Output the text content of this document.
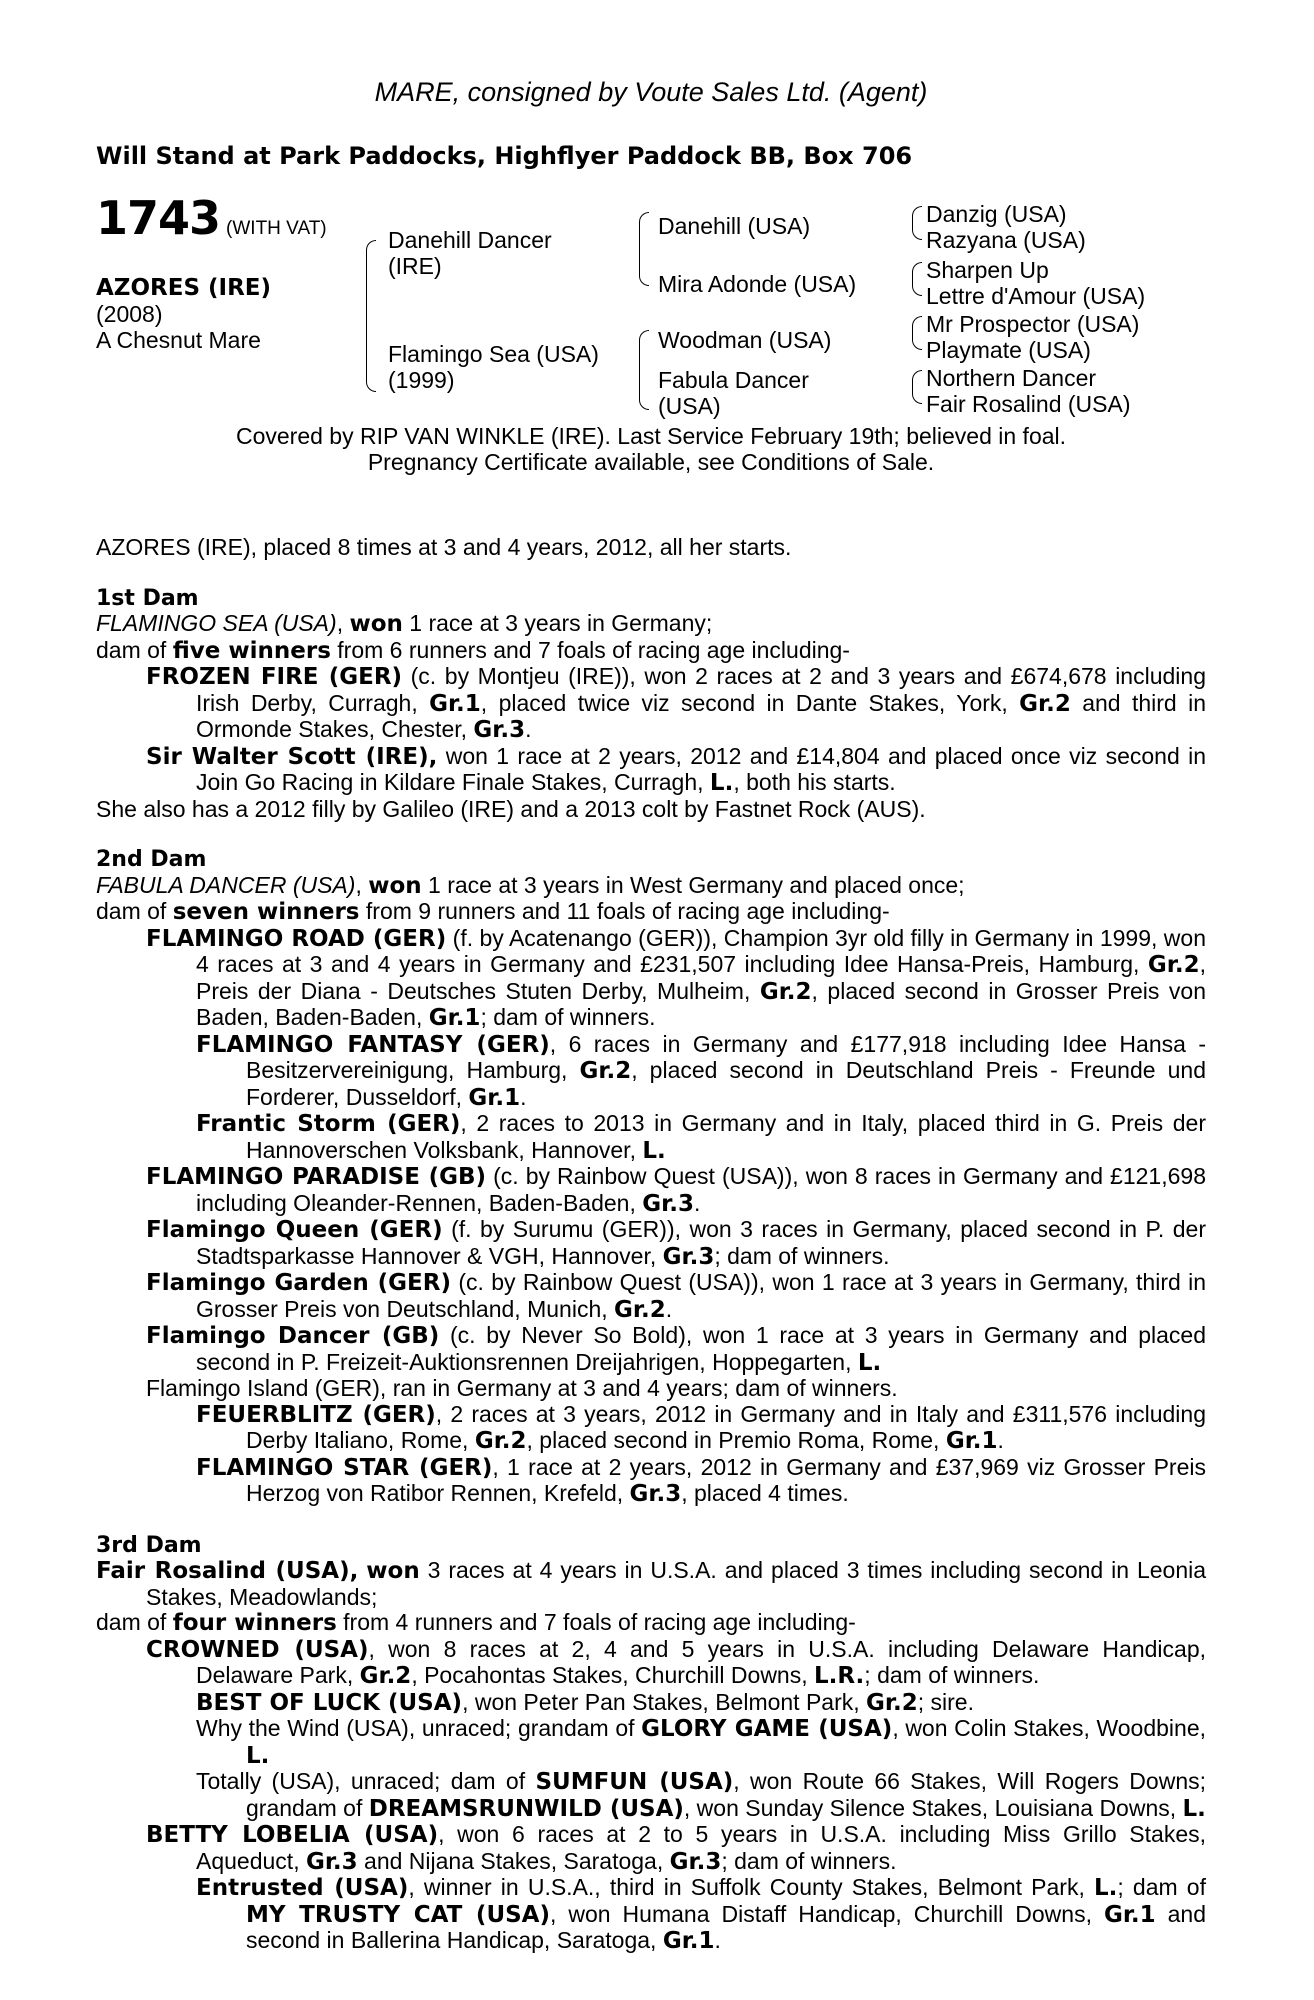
MARE, consigned by Voute Sales Ltd. (Agent)
Will Stand at Park Paddocks, Highflyer Paddock BB, Box 706
1743 (WITH VAT)
AZORES (IRE)
(2008)
A Chesnut Mare
Danehill Dancer
(IRE)
Flamingo Sea (USA)
(1999)
Danehill (USA)
Mira Adonde (USA)
Woodman (USA)
Fabula Dancer
(USA)
Danzig (USA)
Razyana (USA)
Sharpen Up
Lettre d'Amour (USA)
Mr Prospector (USA)
Playmate (USA)
Northern Dancer
Fair Rosalind (USA)
Covered by RIP VAN WINKLE (IRE). Last Service February 19th; believed in foal.
Pregnancy Certificate available, see Conditions of Sale.

AZORES (IRE), placed 8 times at 3 and 4 years, 2012, all her starts.

1st Dam

FLAMINGO SEA (USA), won 1 race at 3 years in Germany;

dam of five winners from 6 runners and 7 foals of racing age including-

FROZEN FIRE (GER) (c. by Montjeu (IRE)), won 2 races at 2 and 3 years and £674,678 including Irish Derby, Curragh, Gr.1, placed twice viz second in Dante Stakes, York, Gr.2 and third in Ormonde Stakes, Chester, Gr.3.

Sir Walter Scott (IRE), won 1 race at 2 years, 2012 and £14,804 and placed once viz second in Join Go Racing in Kildare Finale Stakes, Curragh, L., both his starts.

She also has a 2012 filly by Galileo (IRE) and a 2013 colt by Fastnet Rock (AUS).

2nd Dam

FABULA DANCER (USA), won 1 race at 3 years in West Germany and placed once;

dam of seven winners from 9 runners and 11 foals of racing age including-

FLAMINGO ROAD (GER) (f. by Acatenango (GER)), Champion 3yr old filly in Germany in 1999, won 4 races at 3 and 4 years in Germany and £231,507 including Idee Hansa-Preis, Hamburg, Gr.2, Preis der Diana - Deutsches Stuten Derby, Mulheim, Gr.2, placed second in Grosser Preis von Baden, Baden-Baden, Gr.1; dam of winners.

FLAMINGO FANTASY (GER), 6 races in Germany and £177,918 including Idee Hansa - Besitzervereinigung, Hamburg, Gr.2, placed second in Deutschland Preis - Freunde und Forderer, Dusseldorf, Gr.1.

Frantic Storm (GER), 2 races to 2013 in Germany and in Italy, placed third in G. Preis der Hannoverschen Volksbank, Hannover, L.

FLAMINGO PARADISE (GB) (c. by Rainbow Quest (USA)), won 8 races in Germany and £121,698 including Oleander-Rennen, Baden-Baden, Gr.3.

Flamingo Queen (GER) (f. by Surumu (GER)), won 3 races in Germany, placed second in P. der Stadtsparkasse Hannover & VGH, Hannover, Gr.3; dam of winners.

Flamingo Garden (GER) (c. by Rainbow Quest (USA)), won 1 race at 3 years in Germany, third in Grosser Preis von Deutschland, Munich, Gr.2.

Flamingo Dancer (GB) (c. by Never So Bold), won 1 race at 3 years in Germany and placed second in P. Freizeit-Auktionsrennen Dreijahrigen, Hoppegarten, L.

Flamingo Island (GER), ran in Germany at 3 and 4 years; dam of winners.

FEUERBLITZ (GER), 2 races at 3 years, 2012 in Germany and in Italy and £311,576 including Derby Italiano, Rome, Gr.2, placed second in Premio Roma, Rome, Gr.1.

FLAMINGO STAR (GER), 1 race at 2 years, 2012 in Germany and £37,969 viz Grosser Preis Herzog von Ratibor Rennen, Krefeld, Gr.3, placed 4 times.

3rd Dam

Fair Rosalind (USA), won 3 races at 4 years in U.S.A. and placed 3 times including second in Leonia Stakes, Meadowlands;

dam of four winners from 4 runners and 7 foals of racing age including-

CROWNED (USA), won 8 races at 2, 4 and 5 years in U.S.A. including Delaware Handicap, Delaware Park, Gr.2, Pocahontas Stakes, Churchill Downs, L.R.; dam of winners.

BEST OF LUCK (USA), won Peter Pan Stakes, Belmont Park, Gr.2; sire.

Why the Wind (USA), unraced; grandam of GLORY GAME (USA), won Colin Stakes, Woodbine, L.

Totally (USA), unraced; dam of SUMFUN (USA), won Route 66 Stakes, Will Rogers Downs; grandam of DREAMSRUNWILD (USA), won Sunday Silence Stakes, Louisiana Downs, L.

BETTY LOBELIA (USA), won 6 races at 2 to 5 years in U.S.A. including Miss Grillo Stakes, Aqueduct, Gr.3 and Nijana Stakes, Saratoga, Gr.3; dam of winners.

Entrusted (USA), winner in U.S.A., third in Suffolk County Stakes, Belmont Park, L.; dam of MY TRUSTY CAT (USA), won Humana Distaff Handicap, Churchill Downs, Gr.1 and second in Ballerina Handicap, Saratoga, Gr.1.
